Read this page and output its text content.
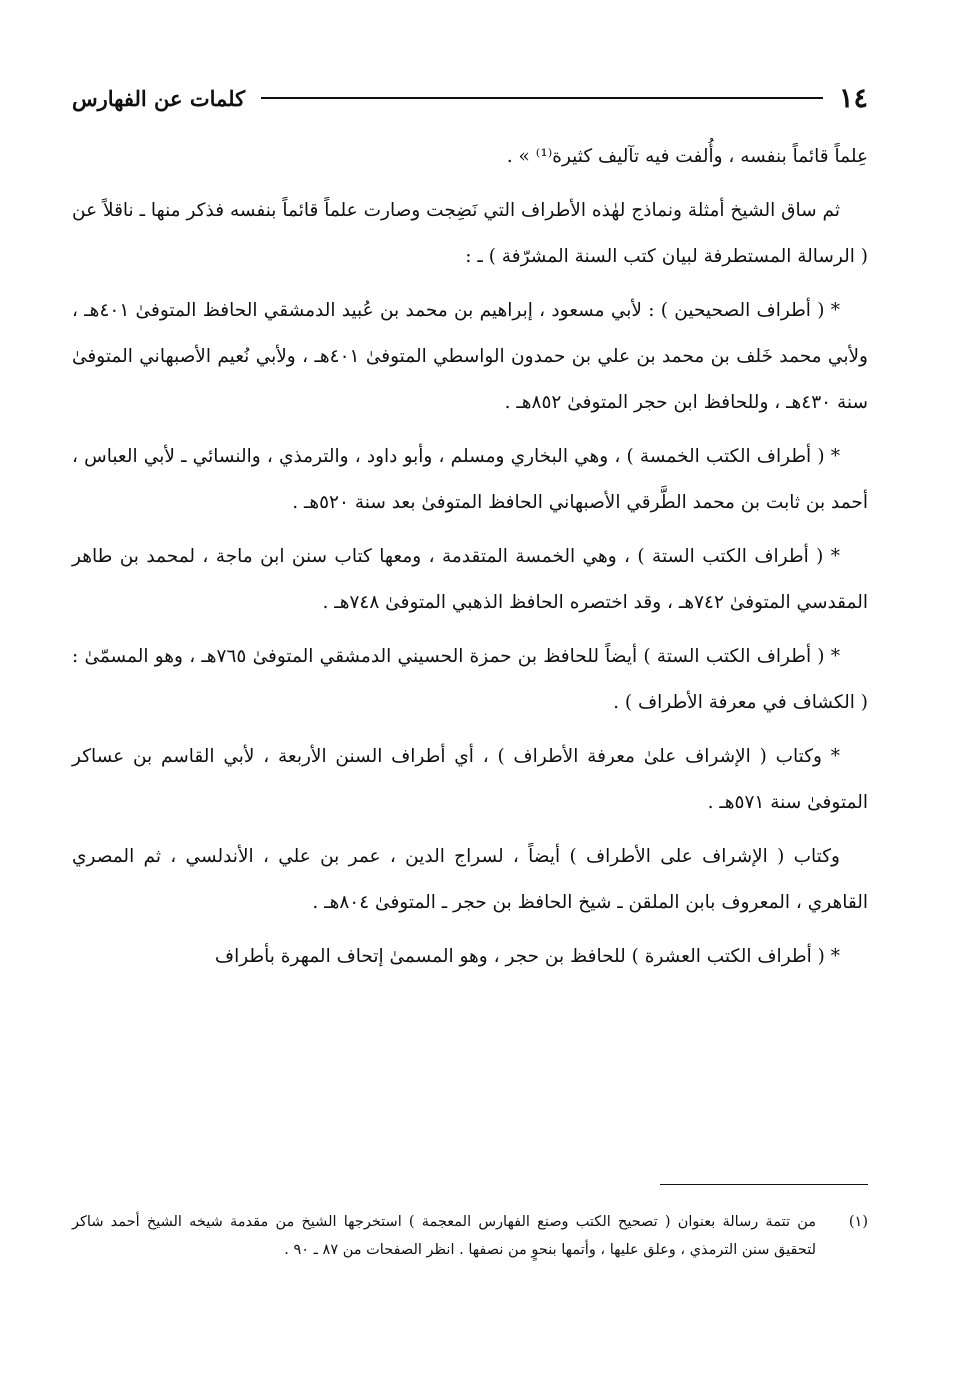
١٤
كلمات عن الفهارس

عِلماً قائماً بنفسه ، وأُلفت فيه تآليف كثيرة⁽¹⁾ » .

ثم ساق الشيخ أمثلة ونماذج لهٰذه الأطراف التي نَضِجت وصارت علماً قائماً بنفسه فذكر منها ـ ناقلاً عن ( الرسالة المستطرفة لبيان كتب السنة المشرّفة ) ـ :

* ( أطراف الصحيحين ) : لأبي مسعود ، إبراهيم بن محمد بن عُبيد الدمشقي الحافظ المتوفىٰ ٤٠١هـ ، ولأبي محمد خَلف بن محمد بن علي بن حمدون الواسطي المتوفىٰ ٤٠١هـ ، ولأبي نُعيم الأصبهاني المتوفىٰ سنة ٤٣٠هـ ، وللحافظ ابن حجر المتوفىٰ ٨٥٢هـ .

* ( أطراف الكتب الخمسة ) ، وهي البخاري ومسلم ، وأبو داود ، والترمذي ، والنسائي ـ لأبي العباس ، أحمد بن ثابت بن محمد الطَّرقي الأصبهاني الحافظ المتوفىٰ بعد سنة ٥٢٠هـ .

* ( أطراف الكتب الستة ) ، وهي الخمسة المتقدمة ، ومعها كتاب سنن ابن ماجة ، لمحمد بن طاهر المقدسي المتوفىٰ ٧٤٢هـ ، وقد اختصره الحافظ الذهبي المتوفىٰ ٧٤٨هـ .

* ( أطراف الكتب الستة ) أيضاً للحافظ بن حمزة الحسيني الدمشقي المتوفىٰ ٧٦٥هـ ، وهو المسمّىٰ : ( الكشاف في معرفة الأطراف ) .

* وكتاب ( الإشراف علىٰ معرفة الأطراف ) ، أي أطراف السنن الأربعة ، لأبي القاسم بن عساكر المتوفىٰ سنة ٥٧١هـ .

وكتاب ( الإشراف على الأطراف ) أيضاً ، لسراج الدين ، عمر بن علي ، الأندلسي ، ثم المصري القاهري ، المعروف بابن الملقن ـ شيخ الحافظ بن حجر ـ المتوفىٰ ٨٠٤هـ .

* ( أطراف الكتب العشرة ) للحافظ بن حجر ، وهو المسمىٰ إتحاف المهرة بأطراف

(١)
من تتمة رسالة بعنوان ( تصحيح الكتب وصنع الفهارس المعجمة ) استخرجها الشيخ من مقدمة شيخه الشيخ أحمد شاكر لتحقيق سنن الترمذي ، وعلق عليها ، وأتمها بنحوٍ من نصفها . انظر الصفحات من ٨٧ ـ ٩٠ .
